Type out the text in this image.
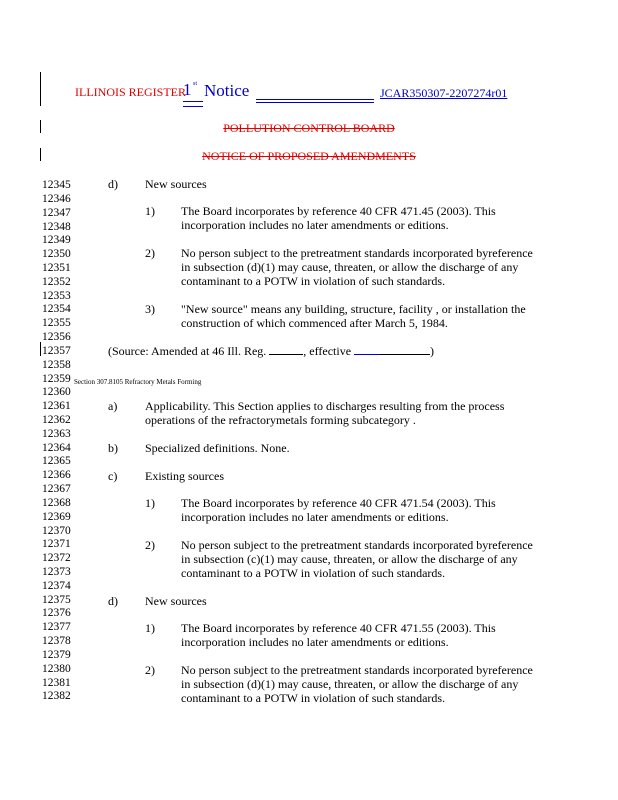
ILLINOIS REGISTER
1 st Notice	JCAR350307-2207274r01
POLLUTION CONTROL BOARD
NOTICE OF PROPOSED AMENDMENTS
12345
12346
12347
12348
12349
12350
12351
12352
12353
12354
12355
12356
12357
12358
12359
12360
12361
12362
12363
12364
12365
12366
12367
12368
12369
12370
12371
12372
12373
12374
12375
12376
12377
12378
12379
12380
12381
12382
d) New sources
1) The Board incorporates by reference 40 CFR 471.45 (2003). This
incorporation includes no later amendments or editions.
2) No person subject to the pretreatment standards incorporated byreference
in subsection (d)(1) may cause, threaten, or allow the discharge of any
contaminant to a POTW in violation of such standards.
3) "New source" means any building, structure, facility , or installation the
construction of which commenced after March 5, 1984.
(Source: Amended at 46 Ill. Reg.	, effective	)
Section 307.8105 Refractory Metals Forming
a) Applicability. This Section applies to discharges resulting from the process
operations of the refractorymetals forming subcategory .
b) Specialized definitions. None.
c) Existing sources
1) The Board incorporates by reference 40 CFR 471.54 (2003). This
incorporation includes no later amendments or editions.
2) No person subject to the pretreatment standards incorporated byreference
in subsection (c)(1) may cause, threaten, or allow the discharge of any
contaminant to a POTW in violation of such standards.
d) New sources
1) The Board incorporates by reference 40 CFR 471.55 (2003). This
incorporation includes no later amendments or editions.
2) No person subject to the pretreatment standards incorporated byreference
in subsection (d)(1) may cause, threaten, or allow the discharge of any
contaminant to a POTW in violation of such standards.
